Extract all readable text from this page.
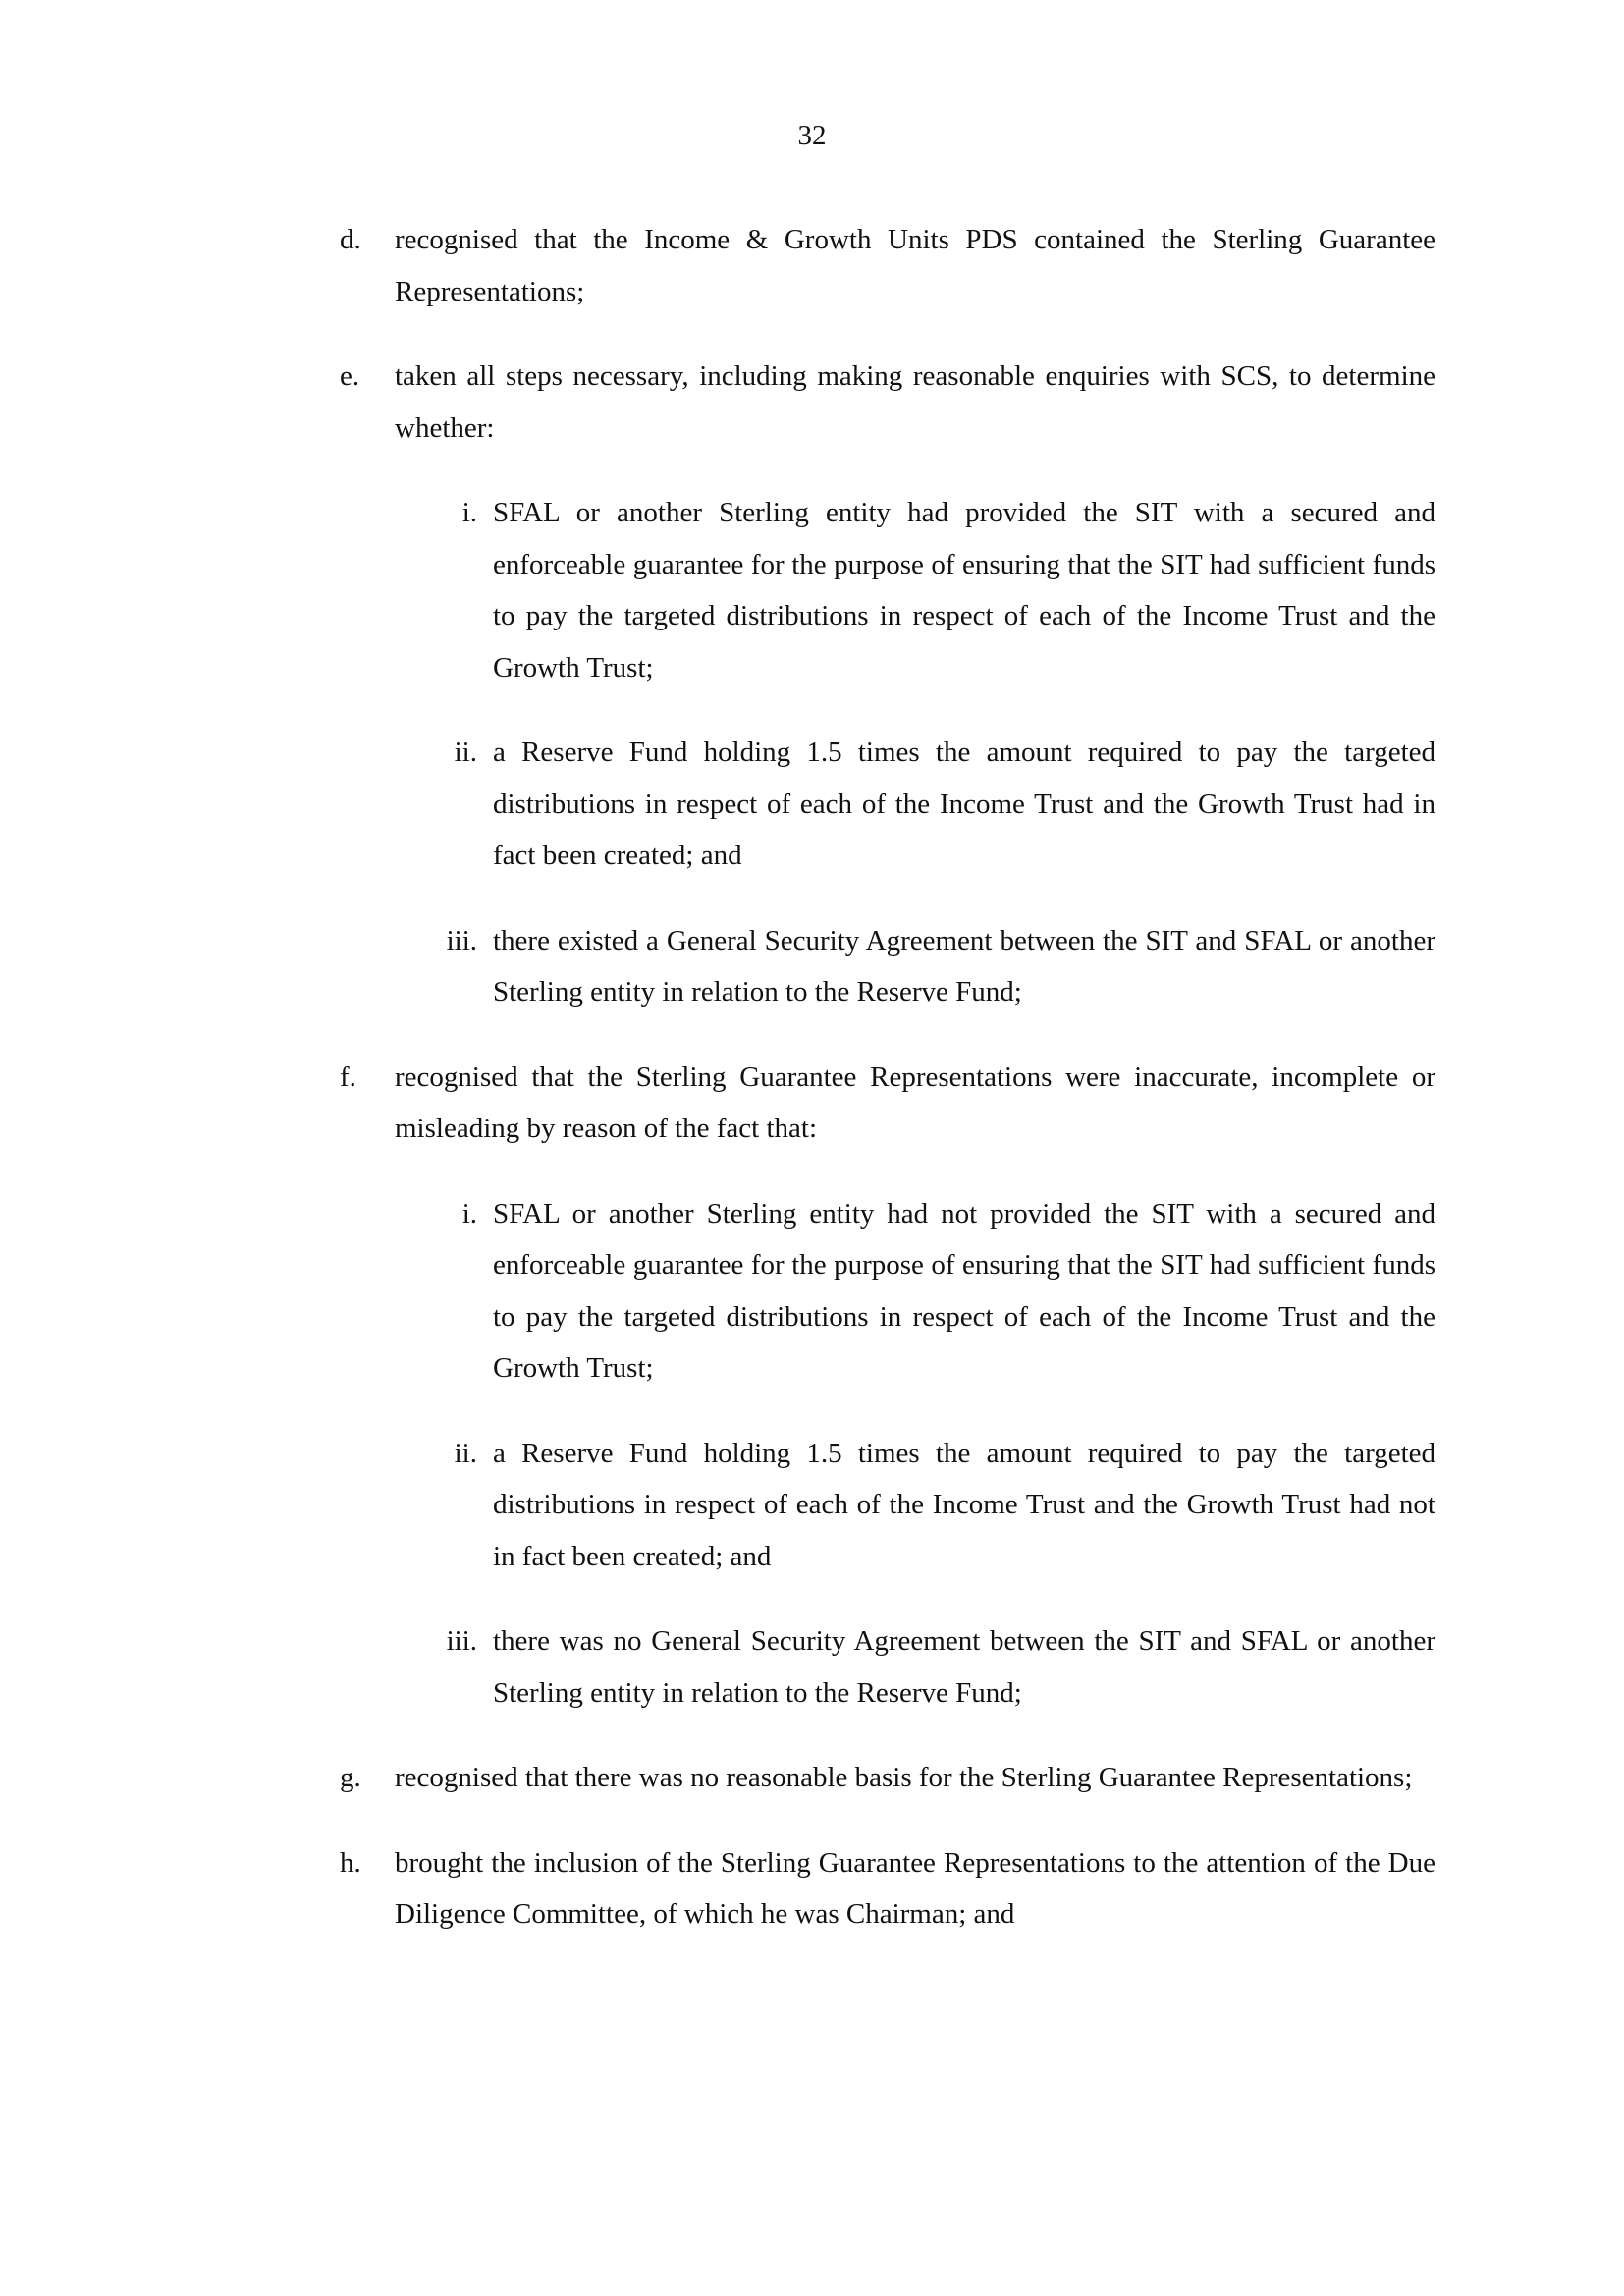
32
d.	recognised that the Income & Growth Units PDS contained the Sterling Guarantee Representations;
e.	taken all steps necessary, including making reasonable enquiries with SCS, to determine whether:
i. SFAL or another Sterling entity had provided the SIT with a secured and enforceable guarantee for the purpose of ensuring that the SIT had sufficient funds to pay the targeted distributions in respect of each of the Income Trust and the Growth Trust;
ii. a Reserve Fund holding 1.5 times the amount required to pay the targeted distributions in respect of each of the Income Trust and the Growth Trust had in fact been created; and
iii. there existed a General Security Agreement between the SIT and SFAL or another Sterling entity in relation to the Reserve Fund;
f.	recognised that the Sterling Guarantee Representations were inaccurate, incomplete or misleading by reason of the fact that:
i. SFAL or another Sterling entity had not provided the SIT with a secured and enforceable guarantee for the purpose of ensuring that the SIT had sufficient funds to pay the targeted distributions in respect of each of the Income Trust and the Growth Trust;
ii. a Reserve Fund holding 1.5 times the amount required to pay the targeted distributions in respect of each of the Income Trust and the Growth Trust had not in fact been created; and
iii. there was no General Security Agreement between the SIT and SFAL or another Sterling entity in relation to the Reserve Fund;
g.	recognised that there was no reasonable basis for the Sterling Guarantee Representations;
h.	brought the inclusion of the Sterling Guarantee Representations to the attention of the Due Diligence Committee, of which he was Chairman; and
